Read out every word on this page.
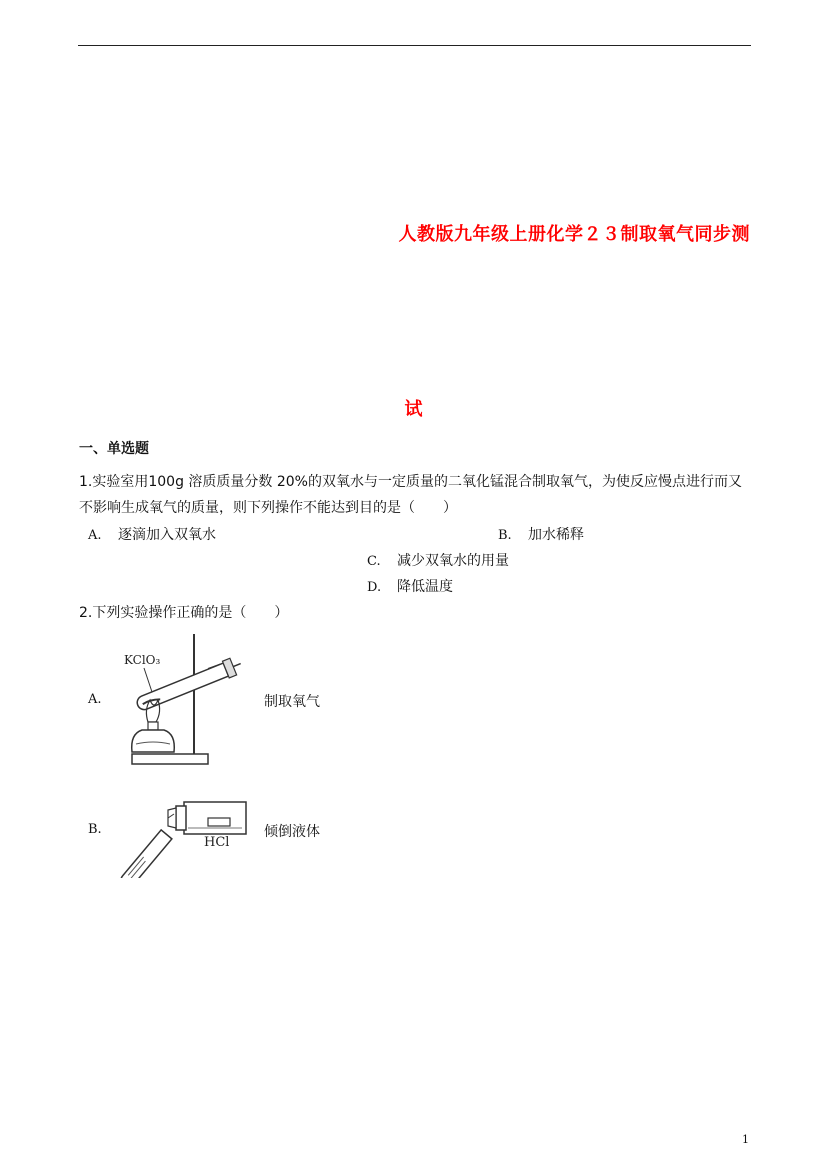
人教版九年级上册化学２３制取氧气同步测
试
一、单选题
1.实验室用100g 溶质质量分数 20%的双氧水与一定质量的二氧化锰混合制取氧气，为使反应慢点进行而又
不影响生成氧气的质量，则下列操作不能达到目的是（　　）
A. 逐滴加入双氧水	B. 加水稀释
C. 减少双氧水的用量
D. 降低温度
2.下列实验操作正确的是（　　）
A.	制取氧气
KClO₃
B.	倾倒液体
HCl
1
